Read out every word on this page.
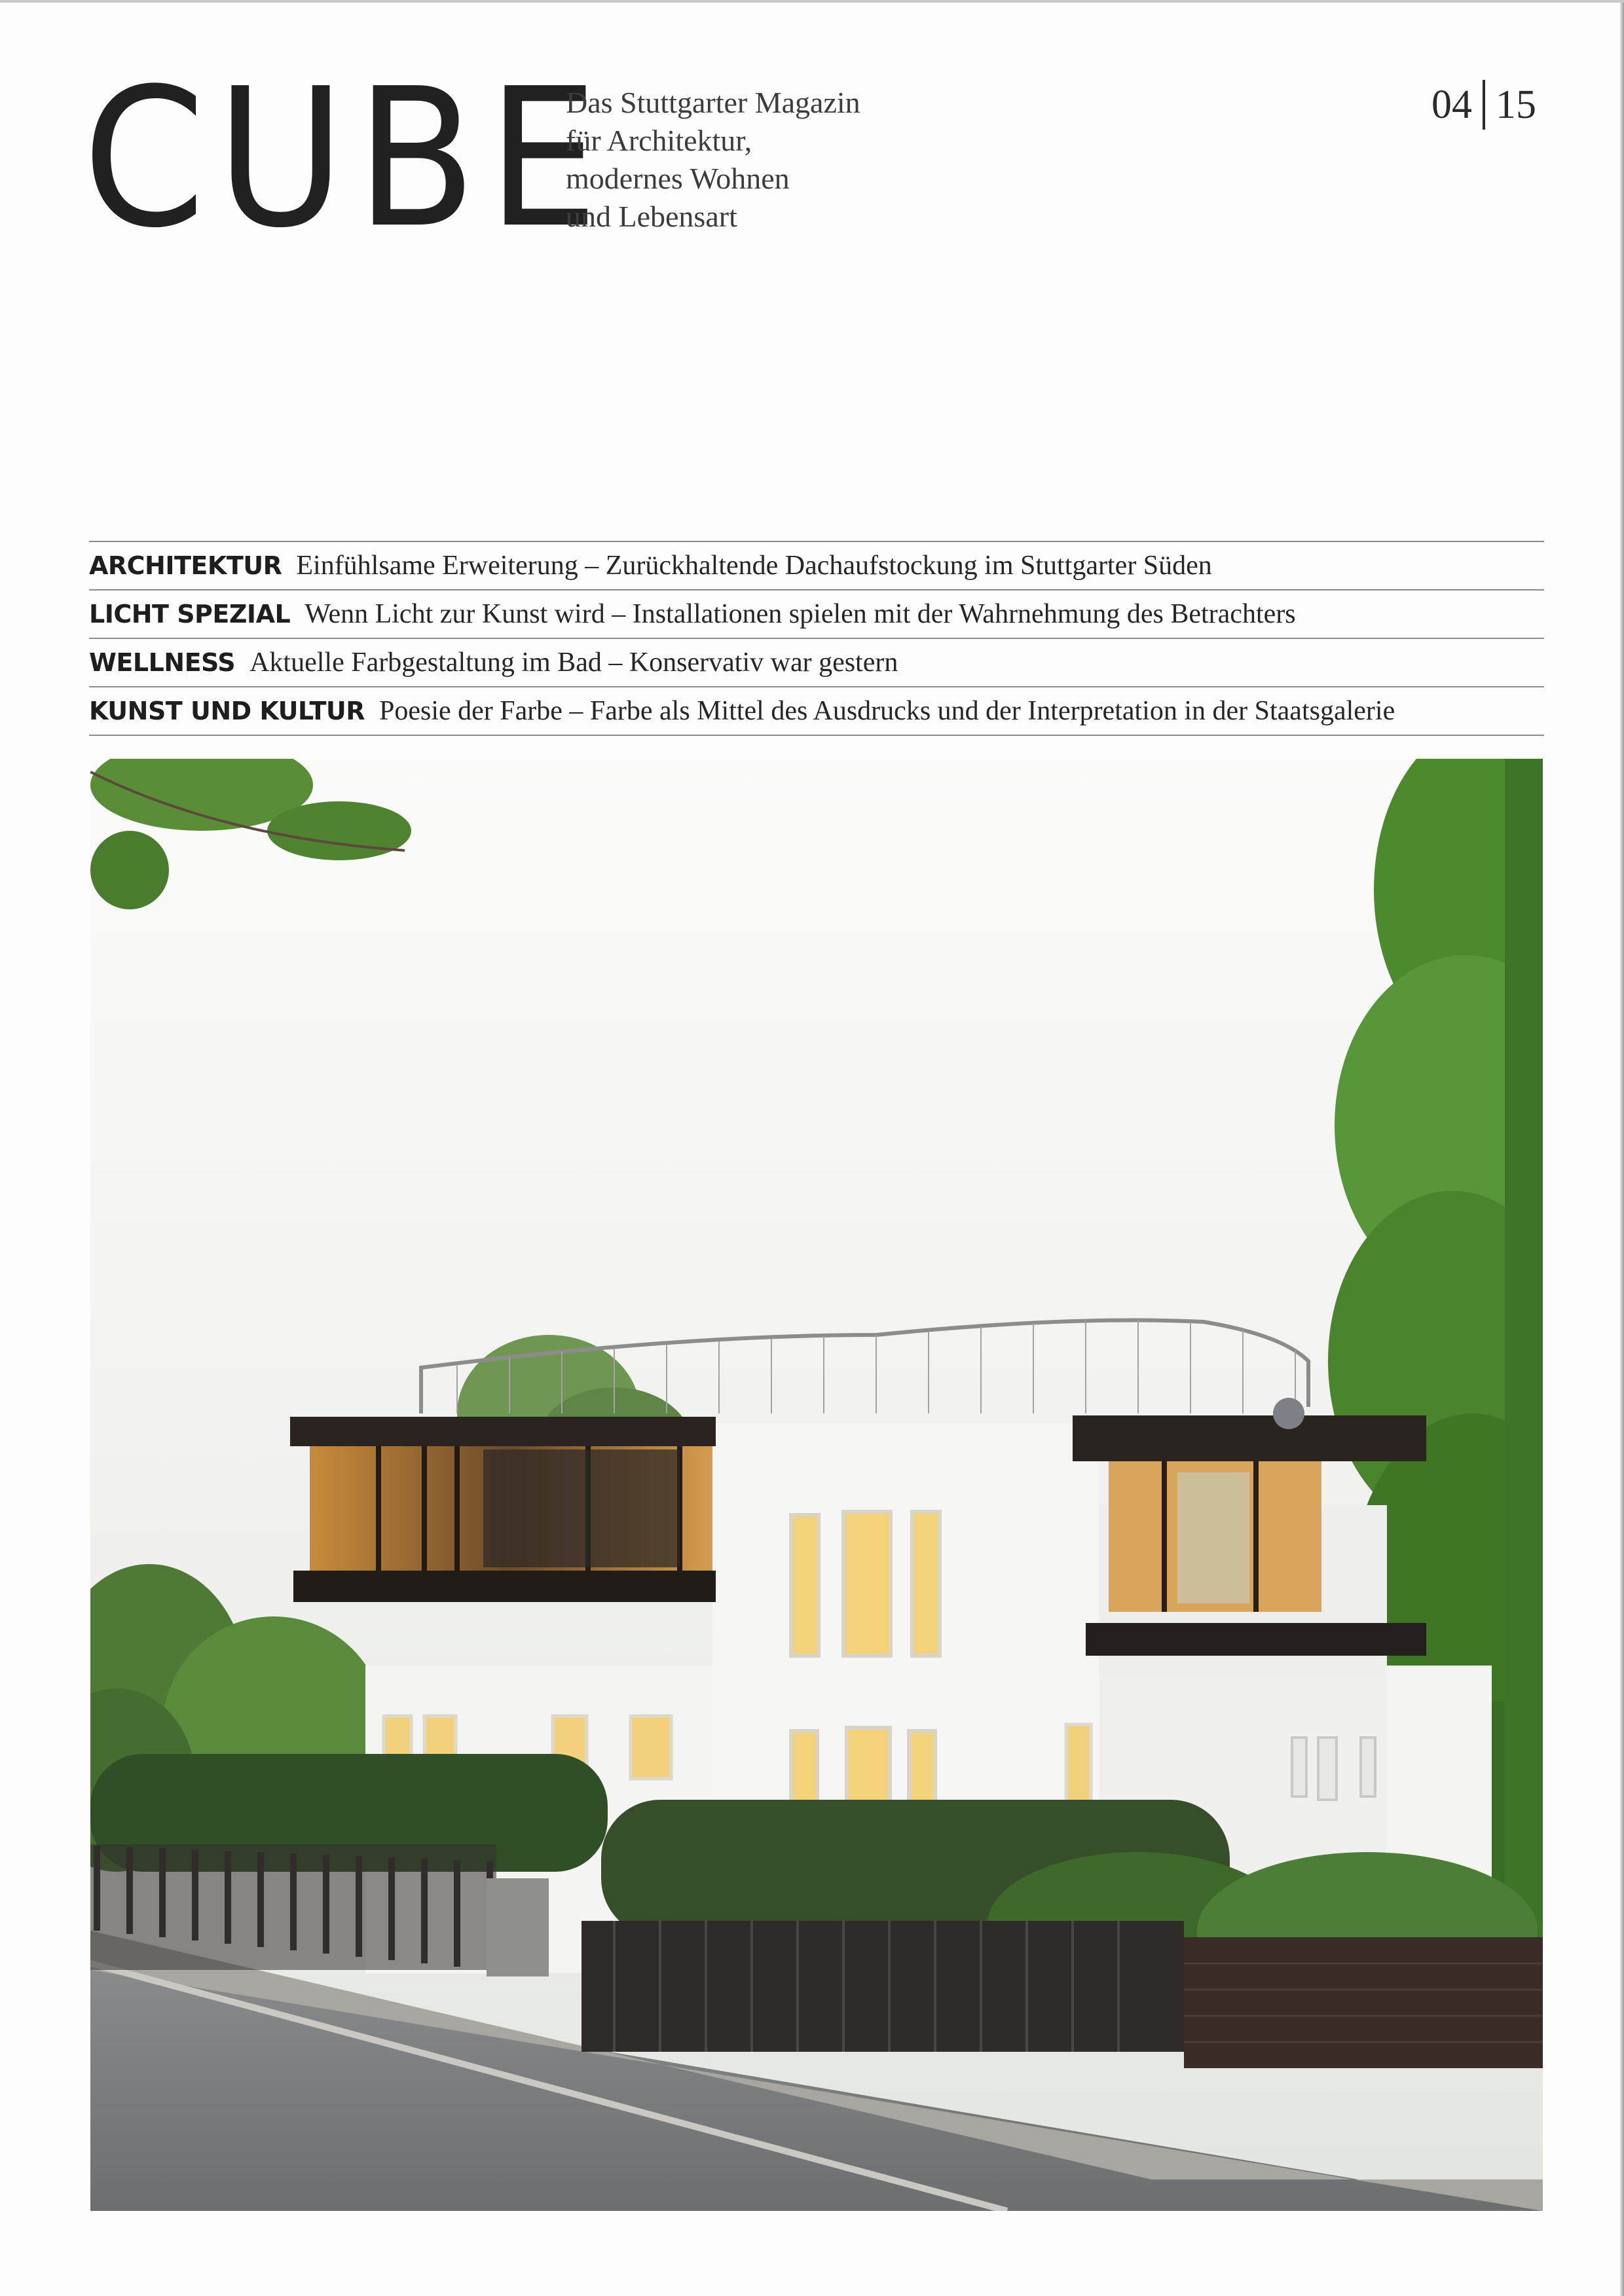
CUBE
Das Stuttgarter Magazin
für Architektur,
modernes Wohnen
und Lebensart
04 15
ARCHITEKTUR Einfühlsame Erweiterung – Zurückhaltende Dachaufstockung im Stuttgarter Süden
LICHT SPEZIAL Wenn Licht zur Kunst wird – Installationen spielen mit der Wahrnehmung des Betrachters
WELLNESS Aktuelle Farbgestaltung im Bad – Konservativ war gestern
KUNST UND KULTUR Poesie der Farbe – Farbe als Mittel des Ausdrucks und der Interpretation in der Staatsgalerie
